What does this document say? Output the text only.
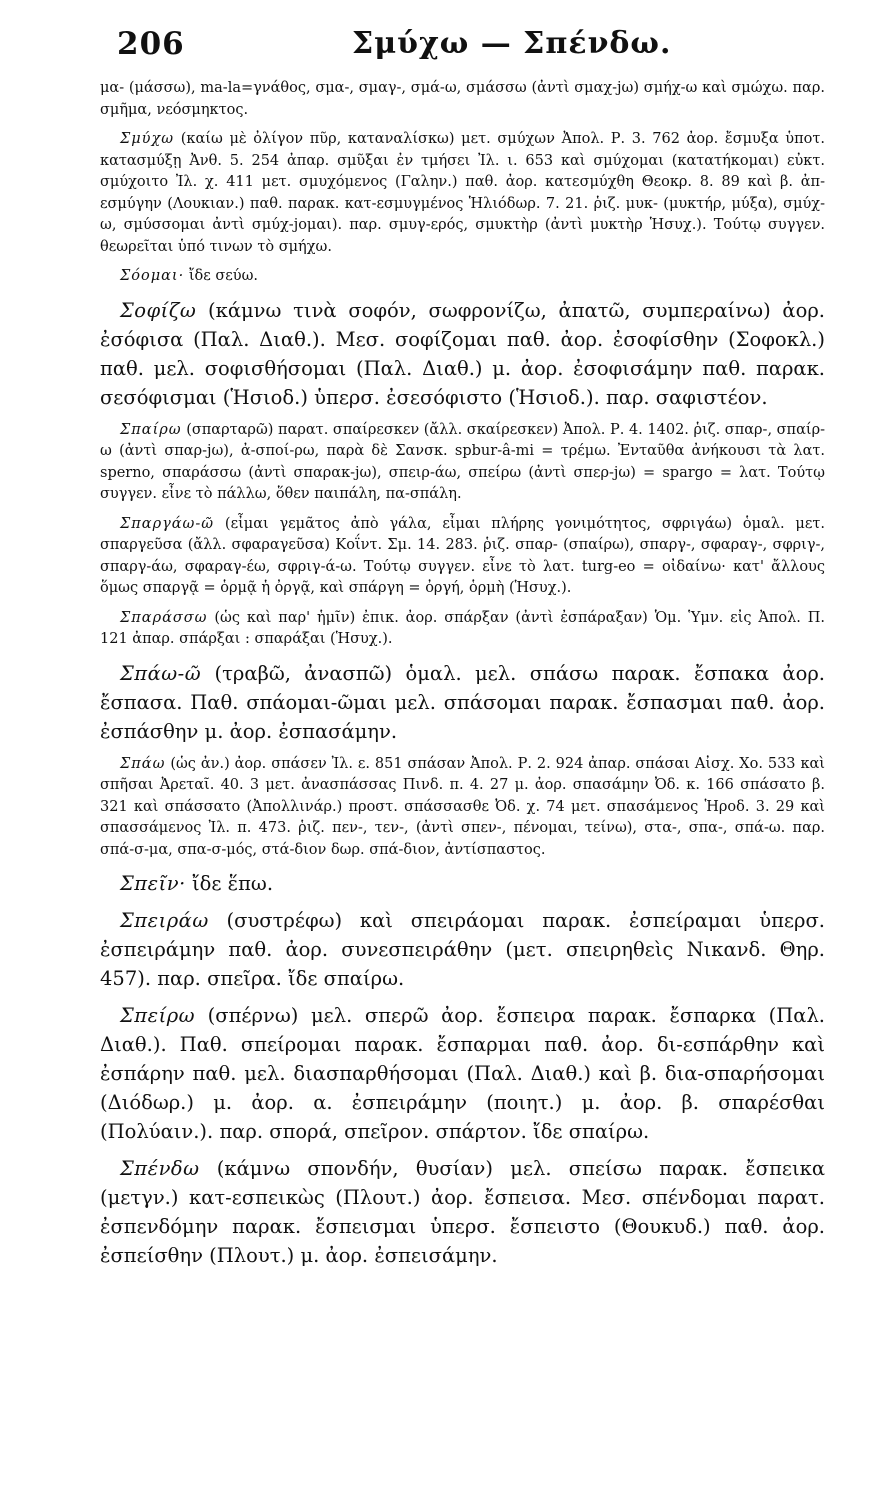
206	Σμύχω — Σπένδω.

μα- (μάσσω), ma-la=γνάθος, σμα-, σμαγ-, σμά-ω, σμάσσω (ἀντὶ σμαχ-jω) σμήχ-ω καὶ σμώχω. παρ. σμῆμα, νεόσμηκτος.

Σμύχω (καίω μὲ ὀλίγον πῦρ, καταναλίσκω) μετ. σμύχων Ἀπολ. Ρ. 3. 762 ἀορ. ἔσμυξα ὑποτ. κατασμύξῃ Ἀνθ. 5. 254 ἀπαρ. σμῦξαι ἐν τμήσει Ἰλ. ι. 653 καὶ σμύχομαι (κατατήκομαι) εὐκτ. σμύχοιτο Ἰλ. χ. 411 μετ. σμυχόμενος (Γαλην.) παθ. ἀορ. κατεσμύχθη Θεοκρ. 8. 89 καὶ β. ἀπ-εσμύγην (Λουκιαν.) παθ. παρακ. κατ-εσμυγμένος Ἡλιόδωρ. 7. 21. ῥιζ. μυκ- (μυκτήρ, μύξα), σμύχ-ω, σμύσσομαι ἀντὶ σμύχ-jομαι). παρ. σμυγ-ερός, σμυκτὴρ (ἀντὶ μυκτὴρ Ἡσυχ.). Τούτῳ συγγεν. θεωρεῖται ὑπό τινων τὸ σμήχω.

Σόομαι· ἴδε σεύω.

Σοφίζω (κάμνω τινὰ σοφόν, σωφρονίζω, ἀπατῶ, συμπεραίνω) ἀορ. ἐσόφισα (Παλ. Διαθ.). Μεσ. σοφίζομαι παθ. ἀορ. ἐσοφίσθην (Σοφοκλ.) παθ. μελ. σοφισθήσομαι (Παλ. Διαθ.) μ. ἀορ. ἐσοφισάμην παθ. παρακ. σεσόφισμαι (Ἡσιοδ.) ὑπερσ. ἐσεσόφιστο (Ἡσιοδ.). παρ. σαφιστέον.

Σπαίρω (σπαρταρῶ) παρατ. σπαίρεσκεν (ἄλλ. σκαίρεσκεν) Ἀπολ. Ρ. 4. 1402. ῥιζ. σπαρ-, σπαίρ-ω (ἀντὶ σπαρ-jω), ἀ-σποί-ρω, παρὰ δὲ Σανσκ. spbur-â-mi = τρέμω. Ἐνταῦθα ἀνήκουσι τὰ λατ. sperno, σπαράσσω (ἀντὶ σπαρακ-jω), σπειρ-άω, σπείρω (ἀντὶ σπερ-jω) = spargo = λατ. Τούτῳ συγγεν. εἶνε τὸ πάλλω, ὅθεν παιπάλη, πα-σπάλη.

Σπαργάω-ῶ (εἶμαι γεμᾶτος ἀπὸ γάλα, εἶμαι πλήρης γονιμότητος, σφριγάω) ὁμαλ. μετ. σπαργεῦσα (ἄλλ. σφαραγεῦσα) Κοΐντ. Σμ. 14. 283. ῥιζ. σπαρ- (σπαίρω), σπαργ-, σφαραγ-, σφριγ-, σπαργ-άω, σφαραγ-έω, σφριγ-ά-ω. Τούτῳ συγγεν. εἶνε τὸ λατ. turg-eo = οἰδαίνω· κατ' ἄλλους ὅμως σπαργᾷ = ὁρμᾷ ἡ ὀργᾷ, καὶ σπάργη = ὀργή, ὁρμὴ (Ἡσυχ.).

Σπαράσσω (ὡς καὶ παρ' ἡμῖν) ἐπικ. ἀορ. σπάρξαν (ἀντὶ ἐσπάραξαν) Ὁμ. Ὑμν. εἰς Ἀπολ. Π. 121 ἀπαρ. σπάρξαι : σπαράξαι (Ἡσυχ.).

Σπάω-ῶ (τραβῶ, ἀνασπῶ) ὁμαλ. μελ. σπάσω παρακ. ἔσπακα ἀορ. ἔσπασα. Παθ. σπάομαι-ῶμαι μελ. σπάσομαι παρακ. ἔσπασμαι παθ. ἀορ. ἐσπάσθην μ. ἀορ. ἐσπασάμην.

Σπάω (ὡς ἀν.) ἀορ. σπάσεν Ἰλ. ε. 851 σπάσαν Ἀπολ. Ρ. 2. 924 ἀπαρ. σπάσαι Αἰσχ. Χο. 533 καὶ σπῆσαι Ἀρεταῖ. 40. 3 μετ. ἀνασπάσσας Πινδ. π. 4. 27 μ. ἀορ. σπασάμην Ὀδ. κ. 166 σπάσατο β. 321 καὶ σπάσσατο (Ἀπολλινάρ.) προστ. σπάσσασθε Ὀδ. χ. 74 μετ. σπασάμενος Ἡροδ. 3. 29 καὶ σπασσάμενος Ἰλ. π. 473. ῥιζ. πεν-, τεν-, (ἀντὶ σπεν-, πένομαι, τείνω), στα-, σπα-, σπά-ω. παρ. σπά-σ-μα, σπα-σ-μός, στά-διον δωρ. σπά-διον, ἀντίσπαστος.

Σπεῖν· ἴδε ἕπω.

Σπειράω (συστρέφω) καὶ σπειράομαι παρακ. ἐσπείραμαι ὑπερσ. ἐσπειράμην παθ. ἀορ. συνεσπειράθην (μετ. σπειρηθεὶς Νικανδ. Θηρ. 457). παρ. σπεῖρα. ἴδε σπαίρω.

Σπείρω (σπέρνω) μελ. σπερῶ ἀορ. ἔσπειρα παρακ. ἔσπαρκα (Παλ. Διαθ.). Παθ. σπείρομαι παρακ. ἔσπαρμαι παθ. ἀορ. δι-εσπάρθην καὶ ἐσπάρην παθ. μελ. διασπαρθήσομαι (Παλ. Διαθ.) καὶ β. δια-σπαρήσομαι (Διόδωρ.) μ. ἀορ. α. ἐσπειράμην (ποιητ.) μ. ἀορ. β. σπαρέσθαι (Πολύαιν.). παρ. σπορά, σπεῖρον. σπάρτον. ἴδε σπαίρω.

Σπένδω (κάμνω σπονδήν, θυσίαν) μελ. σπείσω παρακ. ἔσπεικα (μετγν.) κατ-εσπεικὼς (Πλουτ.) ἀορ. ἔσπεισα. Μεσ. σπένδομαι παρατ. ἐσπενδόμην παρακ. ἔσπεισμαι ὑπερσ. ἔσπειστο (Θουκυδ.) παθ. ἀορ. ἐσπείσθην (Πλουτ.) μ. ἀορ. ἐσπεισάμην.
